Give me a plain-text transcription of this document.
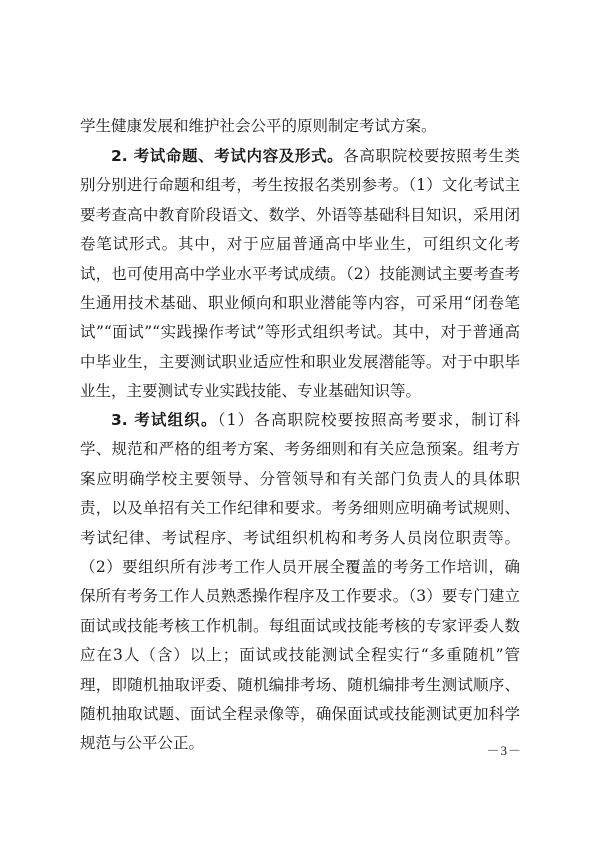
学生健康发展和维护社会公平的原则制定考试方案。

2. 考试命题、考试内容及形式。各高职院校要按照考生类别分别进行命题和组考，考生按报名类别参考。（1）文化考试主要考查高中教育阶段语文、数学、外语等基础科目知识，采用闭卷笔试形式。其中，对于应届普通高中毕业生，可组织文化考试，也可使用高中学业水平考试成绩。（2）技能测试主要考查考生通用技术基础、职业倾向和职业潜能等内容，可采用“闭卷笔试”“面试”“实践操作考试”等形式组织考试。其中，对于普通高中毕业生，主要测试职业适应性和职业发展潜能等。对于中职毕业生，主要测试专业实践技能、专业基础知识等。

3. 考试组织。（1）各高职院校要按照高考要求，制订科学、规范和严格的组考方案、考务细则和有关应急预案。组考方案应明确学校主要领导、分管领导和有关部门负责人的具体职责，以及单招有关工作纪律和要求。考务细则应明确考试规则、考试纪律、考试程序、考试组织机构和考务人员岗位职责等。（2）要组织所有涉考工作人员开展全覆盖的考务工作培训，确保所有考务工作人员熟悉操作程序及工作要求。（3）要专门建立面试或技能考核工作机制。每组面试或技能考核的专家评委人数应在3人（含）以上；面试或技能测试全程实行“多重随机”管理，即随机抽取评委、随机编排考场、随机编排考生测试顺序、随机抽取试题、面试全程录像等，确保面试或技能测试更加科学规范与公平公正。	－3－
